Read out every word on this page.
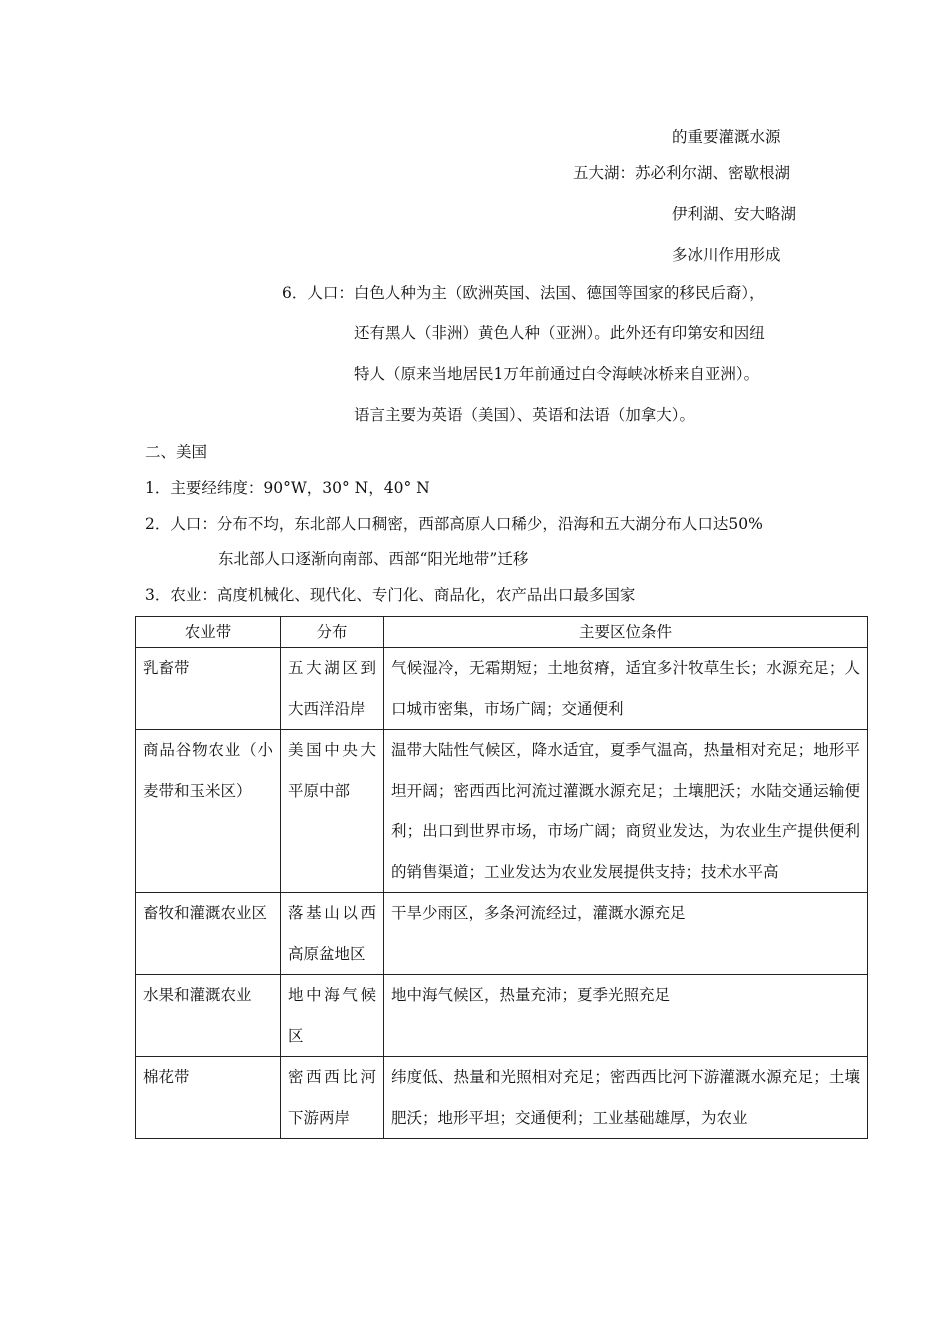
的重要灌溉水源
五大湖：苏必利尔湖、密歇根湖
伊利湖、安大略湖
多冰川作用形成
6．人口：白色人种为主（欧洲英国、法国、德国等国家的移民后裔），
还有黑人（非洲）黄色人种（亚洲）。此外还有印第安和因纽
特人（原来当地居民1万年前通过白令海峡冰桥来自亚洲）。
语言主要为英语（美国）、英语和法语（加拿大）。
二、美国
1．主要经纬度：90°W，30° N，40° N
2．人口：分布不均，东北部人口稠密，西部高原人口稀少，沿海和五大湖分布人口达50%
东北部人口逐渐向南部、西部“阳光地带”迁移
3．农业：高度机械化、现代化、专门化、商品化，农产品出口最多国家
农业带	分布	主要区位条件
乳畜带	五大湖区到大西洋沿岸	气候湿冷，无霜期短；土地贫瘠，适宜多汁牧草生长；水源充足；人口城市密集，市场广阔；交通便利
商品谷物农业（小麦带和玉米区）	美国中央大平原中部	温带大陆性气候区，降水适宜，夏季气温高，热量相对充足；地形平坦开阔；密西西比河流过灌溉水源充足；土壤肥沃；水陆交通运输便利；出口到世界市场，市场广阔；商贸业发达，为农业生产提供便利的销售渠道；工业发达为农业发展提供支持；技术水平高
畜牧和灌溉农业区	落基山以西高原盆地区	干旱少雨区，多条河流经过，灌溉水源充足
水果和灌溉农业	地中海气候区	地中海气候区，热量充沛；夏季光照充足
棉花带	密西西比河下游两岸	纬度低、热量和光照相对充足；密西西比河下游灌溉水源充足；土壤肥沃；地形平坦；交通便利；工业基础雄厚，为农业
